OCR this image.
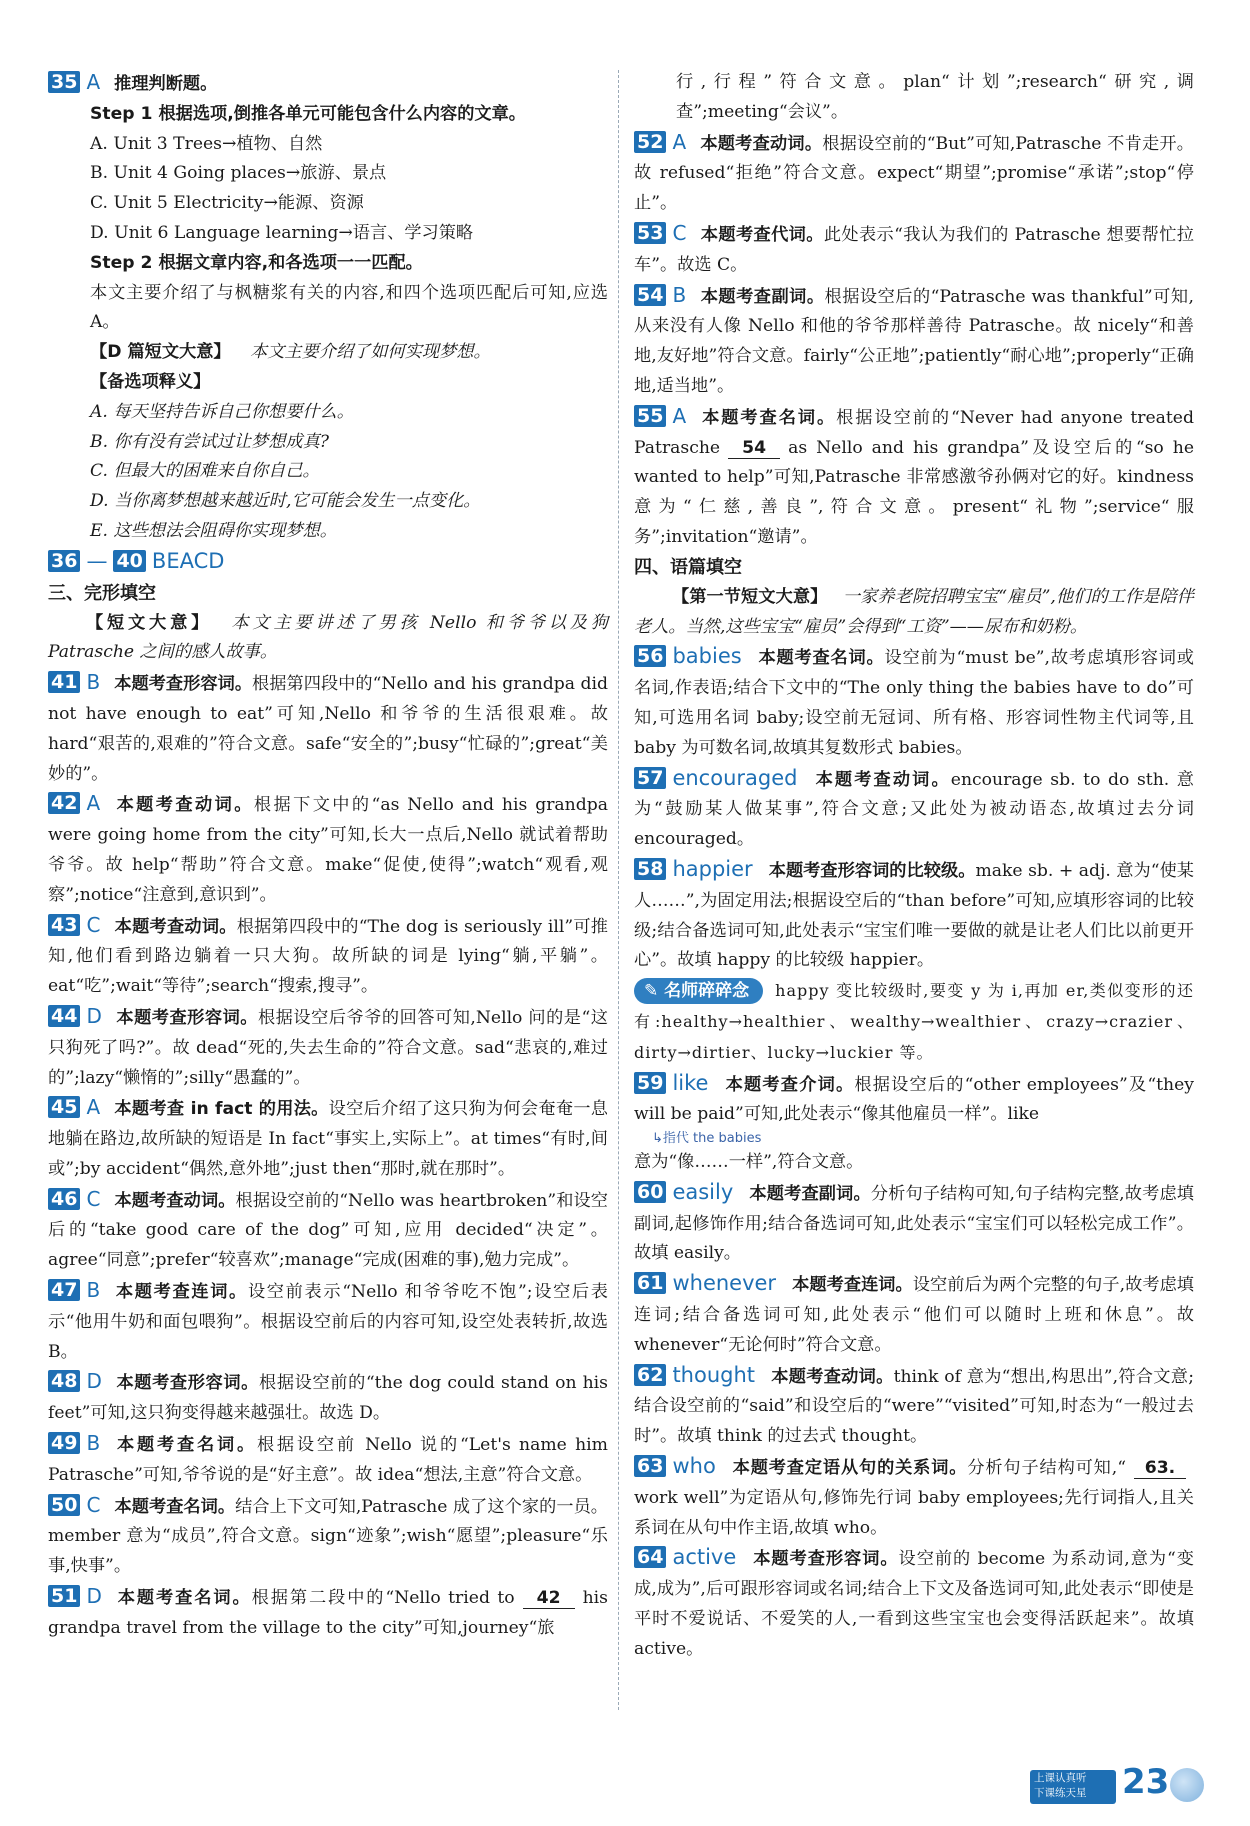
35 A 推理判断题。
Step 1 根据选项,倒推各单元可能包含什么内容的文章。
A. Unit 3 Trees→植物、自然
B. Unit 4 Going places→旅游、景点
C. Unit 5 Electricity→能源、资源
D. Unit 6 Language learning→语言、学习策略
Step 2 根据文章内容,和各选项一一匹配。
本文主要介绍了与枫糖浆有关的内容,和四个选项匹配后可知,应选 A。
【D 篇短文大意】 本文主要介绍了如何实现梦想。
【备选项释义】
A. 每天坚持告诉自己你想要什么。
B. 你有没有尝试过让梦想成真?
C. 但最大的困难来自你自己。
D. 当你离梦想越来越近时,它可能会发生一点变化。
E. 这些想法会阻碍你实现梦想。
36 — 40 BEACD
三、完形填空
【短文大意】 本文主要讲述了男孩 Nello 和爷爷以及狗 Patrasche 之间的感人故事。
41 B 本题考查形容词。根据第四段中的“Nello and his grandpa did not have enough to eat”可知,Nello 和爷爷的生活很艰难。故 hard“艰苦的,艰难的”符合文意。safe“安全的”;busy“忙碌的”;great“美妙的”。
42 A 本题考查动词。根据下文中的“as Nello and his grandpa were going home from the city”可知,长大一点后,Nello 就试着帮助爷爷。故 help“帮助”符合文意。make“促使,使得”;watch“观看,观察”;notice“注意到,意识到”。
43 C 本题考查动词。根据第四段中的“The dog is seriously ill”可推知,他们看到路边躺着一只大狗。故所缺的词是 lying“躺,平躺”。eat“吃”;wait“等待”;search“搜索,搜寻”。
44 D 本题考查形容词。根据设空后爷爷的回答可知,Nello 问的是“这只狗死了吗?”。故 dead“死的,失去生命的”符合文意。sad“悲哀的,难过的”;lazy“懒惰的”;silly“愚蠢的”。
45 A 本题考查 in fact 的用法。设空后介绍了这只狗为何会奄奄一息地躺在路边,故所缺的短语是 In fact“事实上,实际上”。at times“有时,间或”;by accident“偶然,意外地”;just then“那时,就在那时”。
46 C 本题考查动词。根据设空前的“Nello was heartbroken”和设空后的“take good care of the dog”可知,应用 decided“决定”。agree“同意”;prefer“较喜欢”;manage“完成(困难的事),勉力完成”。
47 B 本题考查连词。设空前表示“Nello 和爷爷吃不饱”;设空后表示“他用牛奶和面包喂狗”。根据设空前后的内容可知,设空处表转折,故选 B。
48 D 本题考查形容词。根据设空前的“the dog could stand on his feet”可知,这只狗变得越来越强壮。故选 D。
49 B 本题考查名词。根据设空前 Nello 说的“Let's name him Patrasche”可知,爷爷说的是“好主意”。故 idea“想法,主意”符合文意。
50 C 本题考查名词。结合上下文可知,Patrasche 成了这个家的一员。member 意为“成员”,符合文意。sign“迹象”;wish“愿望”;pleasure“乐事,快事”。
51 D 本题考查名词。根据第二段中的“Nello tried to 42 his grandpa travel from the village to the city”可知,journey“旅
行,行程”符合文意。plan“计划”;research“研究,调查”;meeting“会议”。
52 A 本题考查动词。根据设空前的“But”可知,Patrasche 不肯走开。故 refused“拒绝”符合文意。expect“期望”;promise“承诺”;stop“停止”。
53 C 本题考查代词。此处表示“我认为我们的 Patrasche 想要帮忙拉车”。故选 C。
54 B 本题考查副词。根据设空后的“Patrasche was thankful”可知,从来没有人像 Nello 和他的爷爷那样善待 Patrasche。故 nicely“和善地,友好地”符合文意。fairly“公正地”;patiently“耐心地”;properly“正确地,适当地”。
55 A 本题考查名词。根据设空前的“Never had anyone treated Patrasche 54 as Nello and his grandpa”及设空后的“so he wanted to help”可知,Patrasche 非常感激爷孙俩对它的好。kindness 意为“仁慈,善良”,符合文意。present“礼物”;service“服务”;invitation“邀请”。
四、语篇填空
【第一节短文大意】 一家养老院招聘宝宝“雇员”,他们的工作是陪伴老人。当然,这些宝宝“雇员”会得到“工资”——尿布和奶粉。
56 babies 本题考查名词。设空前为“must be”,故考虑填形容词或名词,作表语;结合下文中的“The only thing the babies have to do”可知,可选用名词 baby;设空前无冠词、所有格、形容词性物主代词等,且 baby 为可数名词,故填其复数形式 babies。
57 encouraged 本题考查动词。encourage sb. to do sth. 意为“鼓励某人做某事”,符合文意;又此处为被动语态,故填过去分词 encouraged。
58 happier 本题考查形容词的比较级。make sb. + adj. 意为“使某人……”,为固定用法;根据设空后的“than before”可知,应填形容词的比较级;结合备选词可知,此处表示“宝宝们唯一要做的就是让老人们比以前更开心”。故填 happy 的比较级 happier。
✎ 名师碎碎念 happy 变比较级时,要变 y 为 i,再加 er,类似变形的还有:healthy→healthier、wealthy→wealthier、crazy→crazier、dirty→dirtier、lucky→luckier 等。
59 like 本题考查介词。根据设空后的“other employees”及“they will be paid”可知,此处表示“像其他雇员一样”。like
↳指代 the babies
意为“像……一样”,符合文意。
60 easily 本题考查副词。分析句子结构可知,句子结构完整,故考虑填副词,起修饰作用;结合备选词可知,此处表示“宝宝们可以轻松完成工作”。故填 easily。
61 whenever 本题考查连词。设空前后为两个完整的句子,故考虑填连词;结合备选词可知,此处表示“他们可以随时上班和休息”。故 whenever“无论何时”符合文意。
62 thought 本题考查动词。think of 意为“想出,构思出”,符合文意;结合设空前的“said”和设空后的“were”“visited”可知,时态为“一般过去时”。故填 think 的过去式 thought。
63 who 本题考查定语从句的关系词。分析句子结构可知,“ 63.work well”为定语从句,修饰先行词 baby employees;先行词指人,且关系词在从句中作主语,故填 who。
64 active 本题考查形容词。设空前的 become 为系动词,意为“变成,成为”,后可跟形容词或名词;结合上下文及备选词可知,此处表示“即使是平时不爱说话、不爱笑的人,一看到这些宝宝也会变得活跃起来”。故填 active。
上课认真听
下课练天星	23
